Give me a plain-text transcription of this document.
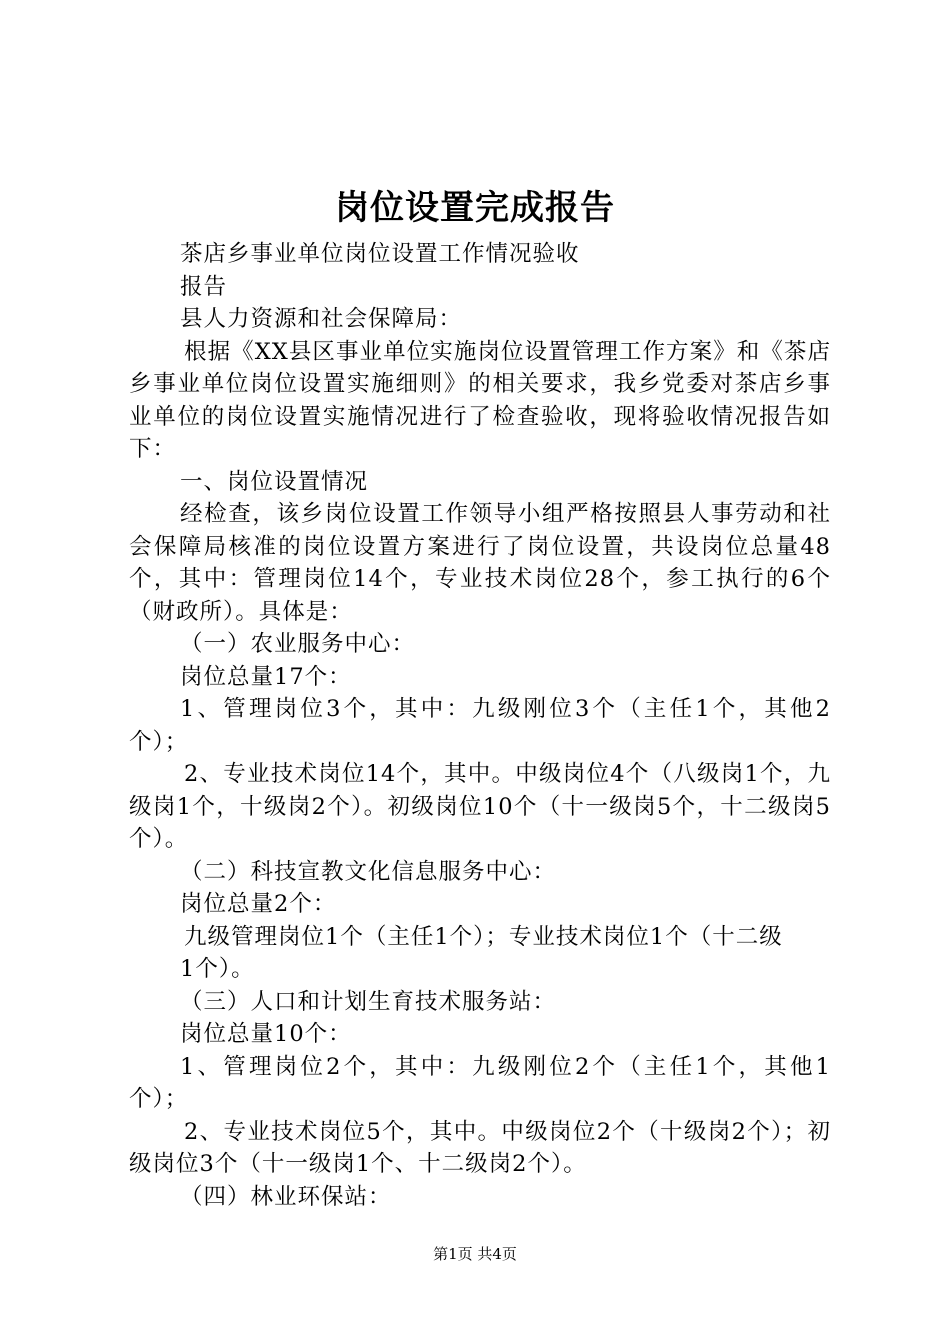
岗位设置完成报告

茶店乡事业单位岗位设置工作情况验收

报告

县人力资源和社会保障局：

根据《XX县区事业单位实施岗位设置管理工作方案》和《茶店乡事业单位岗位设置实施细则》的相关要求，我乡党委对茶店乡事业单位的岗位设置实施情况进行了检查验收，现将验收情况报告如下：

一、岗位设置情况

经检查，该乡岗位设置工作领导小组严格按照县人事劳动和社会保障局核准的岗位设置方案进行了岗位设置，共设岗位总量48个，其中：管理岗位14个，专业技术岗位28个，参工执行的6个（财政所）。具体是：

（一）农业服务中心：

岗位总量17个：

1、管理岗位3个，其中：九级刚位3个（主任1个，其他2个）；

2、专业技术岗位14个，其中。中级岗位4个（八级岗1个，九级岗1个，十级岗2个）。初级岗位10个（十一级岗5个，十二级岗5个）。

（二）科技宣教文化信息服务中心：

岗位总量2个：

九级管理岗位1个（主任1个）；专业技术岗位1个（十二级

1个）。

（三）人口和计划生育技术服务站：

岗位总量10个：

1、管理岗位2个，其中：九级刚位2个（主任1个，其他1个）；

2、专业技术岗位5个，其中。中级岗位2个（十级岗2个）；初级岗位3个（十一级岗1个、十二级岗2个）。

（四）林业环保站：

第1页 共4页
